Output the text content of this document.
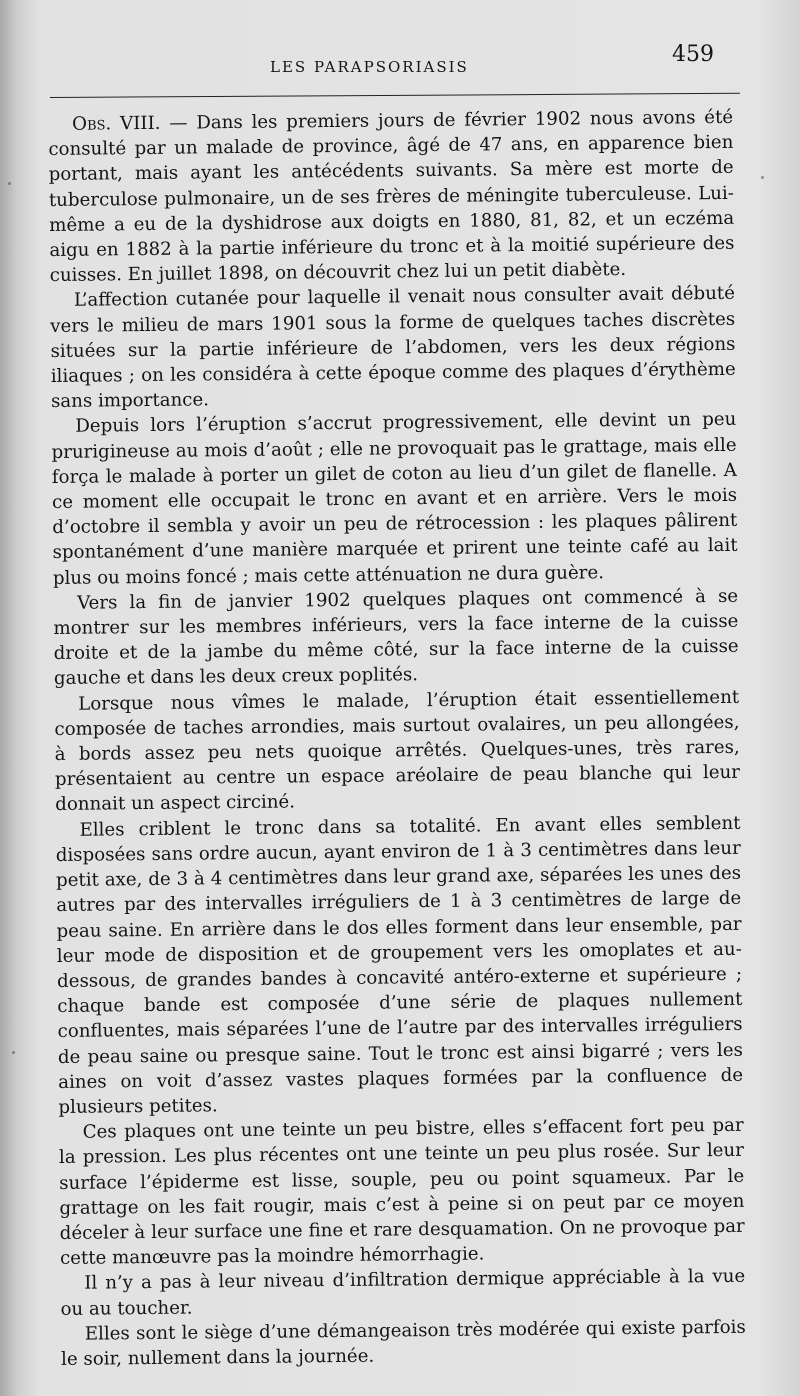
LES PARAPSORIASIS	459

Obs. VIII. — Dans les premiers jours de février 1902 nous avons été consulté par un malade de province, âgé de 47 ans, en apparence bien portant, mais ayant les antécédents suivants. Sa mère est morte de tuberculose pulmonaire, un de ses frères de méningite tuberculeuse. Lui-même a eu de la dyshidrose aux doigts en 1880, 81, 82, et un eczéma aigu en 1882 à la partie inférieure du tronc et à la moitié supérieure des cuisses. En juillet 1898, on découvrit chez lui un petit diabète.

L’affection cutanée pour laquelle il venait nous consulter avait débuté vers le milieu de mars 1901 sous la forme de quelques taches discrètes situées sur la partie inférieure de l’abdomen, vers les deux régions iliaques ; on les considéra à cette époque comme des plaques d’érythème sans importance.

Depuis lors l’éruption s’accrut progressivement, elle devint un peu prurigineuse au mois d’août ; elle ne provoquait pas le grattage, mais elle força le malade à porter un gilet de coton au lieu d’un gilet de flanelle. A ce moment elle occupait le tronc en avant et en arrière. Vers le mois d’octobre il sembla y avoir un peu de rétrocession : les plaques pâlirent spontanément d’une manière marquée et prirent une teinte café au lait plus ou moins foncé ; mais cette atténuation ne dura guère.

Vers la fin de janvier 1902 quelques plaques ont commencé à se montrer sur les membres inférieurs, vers la face interne de la cuisse droite et de la jambe du même côté, sur la face interne de la cuisse gauche et dans les deux creux poplités.

Lorsque nous vîmes le malade, l’éruption était essentiellement composée de taches arrondies, mais surtout ovalaires, un peu allongées, à bords assez peu nets quoique arrêtés. Quelques-unes, très rares, présentaient au centre un espace aréolaire de peau blanche qui leur donnait un aspect circiné.

Elles criblent le tronc dans sa totalité. En avant elles semblent disposées sans ordre aucun, ayant environ de 1 à 3 centimètres dans leur petit axe, de 3 à 4 centimètres dans leur grand axe, séparées les unes des autres par des intervalles irréguliers de 1 à 3 centimètres de large de peau saine. En arrière dans le dos elles forment dans leur ensemble, par leur mode de disposition et de groupement vers les omoplates et au-dessous, de grandes bandes à concavité antéro-externe et supérieure ; chaque bande est composée d’une série de plaques nullement confluentes, mais séparées l’une de l’autre par des intervalles irréguliers de peau saine ou presque saine. Tout le tronc est ainsi bigarré ; vers les aines on voit d’assez vastes plaques formées par la confluence de plusieurs petites.

Ces plaques ont une teinte un peu bistre, elles s’effacent fort peu par la pression. Les plus récentes ont une teinte un peu plus rosée. Sur leur surface l’épiderme est lisse, souple, peu ou point squameux. Par le grattage on les fait rougir, mais c’est à peine si on peut par ce moyen déceler à leur surface une fine et rare desquamation. On ne provoque par cette manœuvre pas la moindre hémorrhagie.

Il n’y a pas à leur niveau d’infiltration dermique appréciable à la vue ou au toucher.

Elles sont le siège d’une démangeaison très modérée qui existe parfois le soir, nullement dans la journée.
